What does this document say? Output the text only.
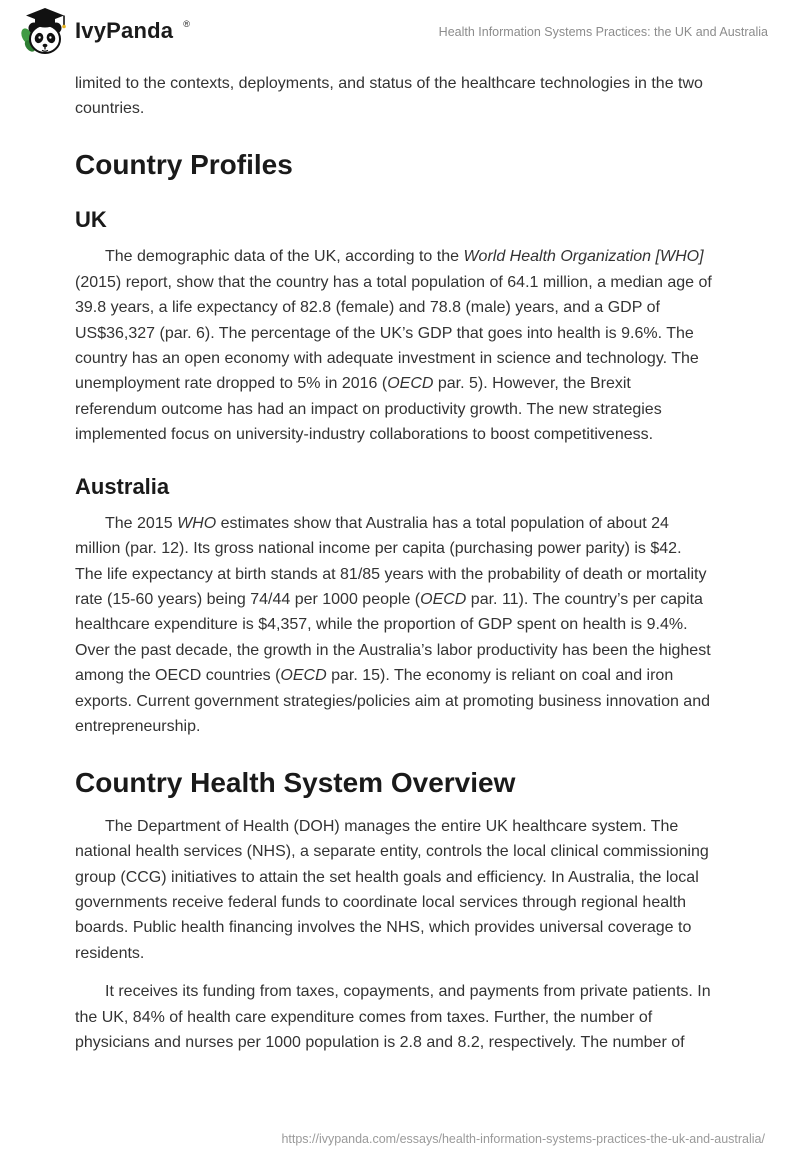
IvyPanda ®
Health Information Systems Practices: the UK and Australia

limited to the contexts, deployments, and status of the healthcare technologies in the two countries.

Country Profiles
UK

The demographic data of the UK, according to the World Health Organization [WHO] (2015) report, show that the country has a total population of 64.1 million, a median age of 39.8 years, a life expectancy of 82.8 (female) and 78.8 (male) years, and a GDP of US$36,327 (par. 6). The percentage of the UK’s GDP that goes into health is 9.6%. The country has an open economy with adequate investment in science and technology. The unemployment rate dropped to 5% in 2016 (OECD par. 5). However, the Brexit referendum outcome has had an impact on productivity growth. The new strategies implemented focus on university-industry collaborations to boost competitiveness.

Australia

The 2015 WHO estimates show that Australia has a total population of about 24 million (par. 12). Its gross national income per capita (purchasing power parity) is $42. The life expectancy at birth stands at 81/85 years with the probability of death or mortality rate (15-60 years) being 74/44 per 1000 people (OECD par. 11). The country’s per capita healthcare expenditure is $4,357, while the proportion of GDP spent on health is 9.4%. Over the past decade, the growth in the Australia’s labor productivity has been the highest among the OECD countries (OECD par. 15). The economy is reliant on coal and iron exports. Current government strategies/policies aim at promoting business innovation and entrepreneurship.

Country Health System Overview

The Department of Health (DOH) manages the entire UK healthcare system. The national health services (NHS), a separate entity, controls the local clinical commissioning group (CCG) initiatives to attain the set health goals and efficiency. In Australia, the local governments receive federal funds to coordinate local services through regional health boards. Public health financing involves the NHS, which provides universal coverage to residents.

It receives its funding from taxes, copayments, and payments from private patients. In the UK, 84% of health care expenditure comes from taxes. Further, the number of physicians and nurses per 1000 population is 2.8 and 8.2, respectively. The number of

https://ivypanda.com/essays/health-information-systems-practices-the-uk-and-australia/
